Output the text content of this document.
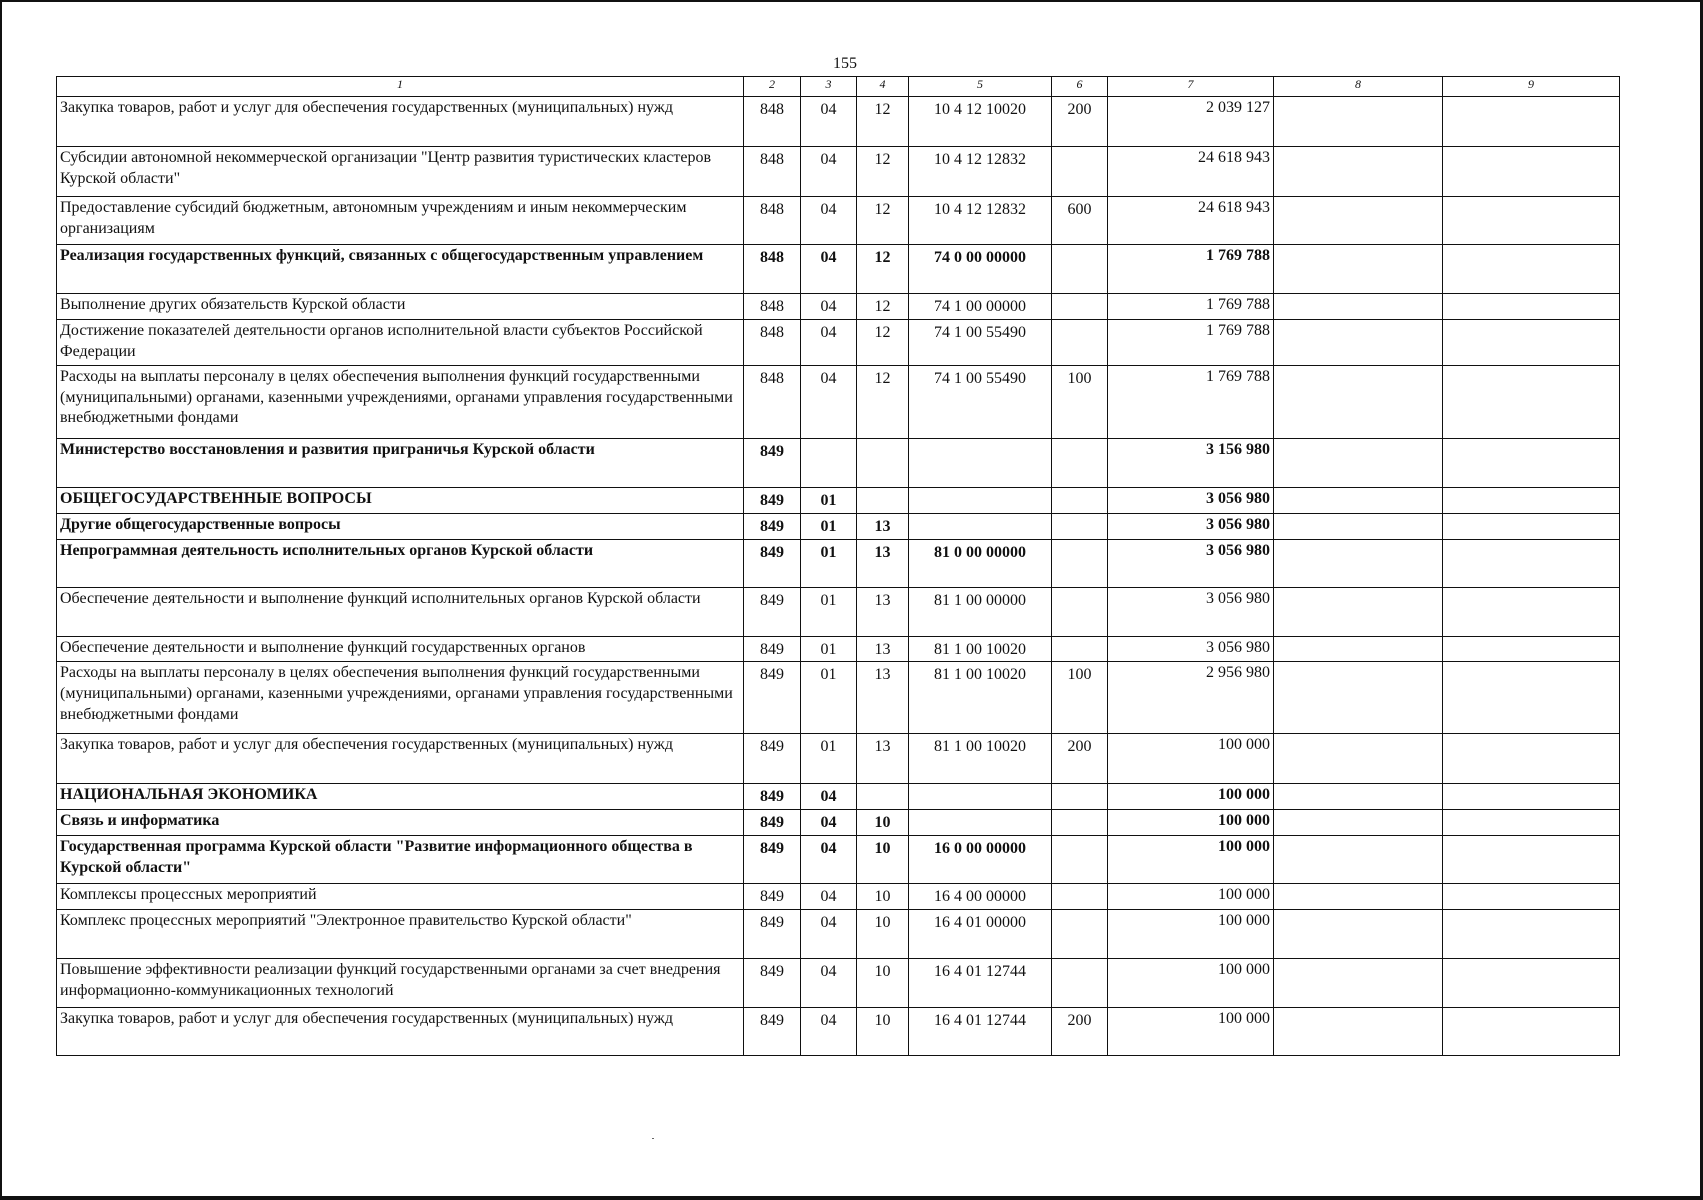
155
1	2	3	4	5	6	7	8	9
Закупка товаров, работ и услуг для обеспечения государственных (муниципальных) нужд	848	04	12	10 4 12 10020	200	2 039 127		
Субсидии автономной некоммерческой организации "Центр развития туристических кластеров Курской области"	848	04	12	10 4 12 12832		24 618 943		
Предоставление субсидий бюджетным, автономным учреждениям и иным некоммерческим организациям	848	04	12	10 4 12 12832	600	24 618 943		
Реализация государственных функций, связанных с общегосударственным управлением	848	04	12	74 0 00 00000		1 769 788		
Выполнение других обязательств Курской области	848	04	12	74 1 00 00000		1 769 788		
Достижение показателей деятельности органов исполнительной власти субъектов Российской Федерации	848	04	12	74 1 00 55490		1 769 788		
Расходы на выплаты персоналу в целях обеспечения выполнения функций государственными (муниципальными) органами, казенными учреждениями, органами управления государственными внебюджетными фондами	848	04	12	74 1 00 55490	100	1 769 788		
Министерство восстановления и развития приграничья Курской области	849					3 156 980		
ОБЩЕГОСУДАРСТВЕННЫЕ ВОПРОСЫ	849	01				3 056 980		
Другие общегосударственные вопросы	849	01	13			3 056 980		
Непрограммная деятельность исполнительных органов Курской области	849	01	13	81 0 00 00000		3 056 980		
Обеспечение деятельности и выполнение функций исполнительных органов Курской области	849	01	13	81 1 00 00000		3 056 980		
Обеспечение деятельности и выполнение функций государственных органов	849	01	13	81 1 00 10020		3 056 980		
Расходы на выплаты персоналу в целях обеспечения выполнения функций государственными (муниципальными) органами, казенными учреждениями, органами управления государственными внебюджетными фондами	849	01	13	81 1 00 10020	100	2 956 980		
Закупка товаров, работ и услуг для обеспечения государственных (муниципальных) нужд	849	01	13	81 1 00 10020	200	100 000		
НАЦИОНАЛЬНАЯ ЭКОНОМИКА	849	04				100 000		
Связь и информатика	849	04	10			100 000		
Государственная программа Курской области "Развитие информационного общества в Курской области"	849	04	10	16 0 00 00000		100 000		
Комплексы процессных мероприятий	849	04	10	16 4 00 00000		100 000		
Комплекс процессных мероприятий "Электронное правительство Курской области"	849	04	10	16 4 01 00000		100 000		
Повышение эффективности реализации функций государственными органами за счет внедрения информационно-коммуникационных технологий	849	04	10	16 4 01 12744		100 000		
Закупка товаров, работ и услуг для обеспечения государственных (муниципальных) нужд	849	04	10	16 4 01 12744	200	100 000		
